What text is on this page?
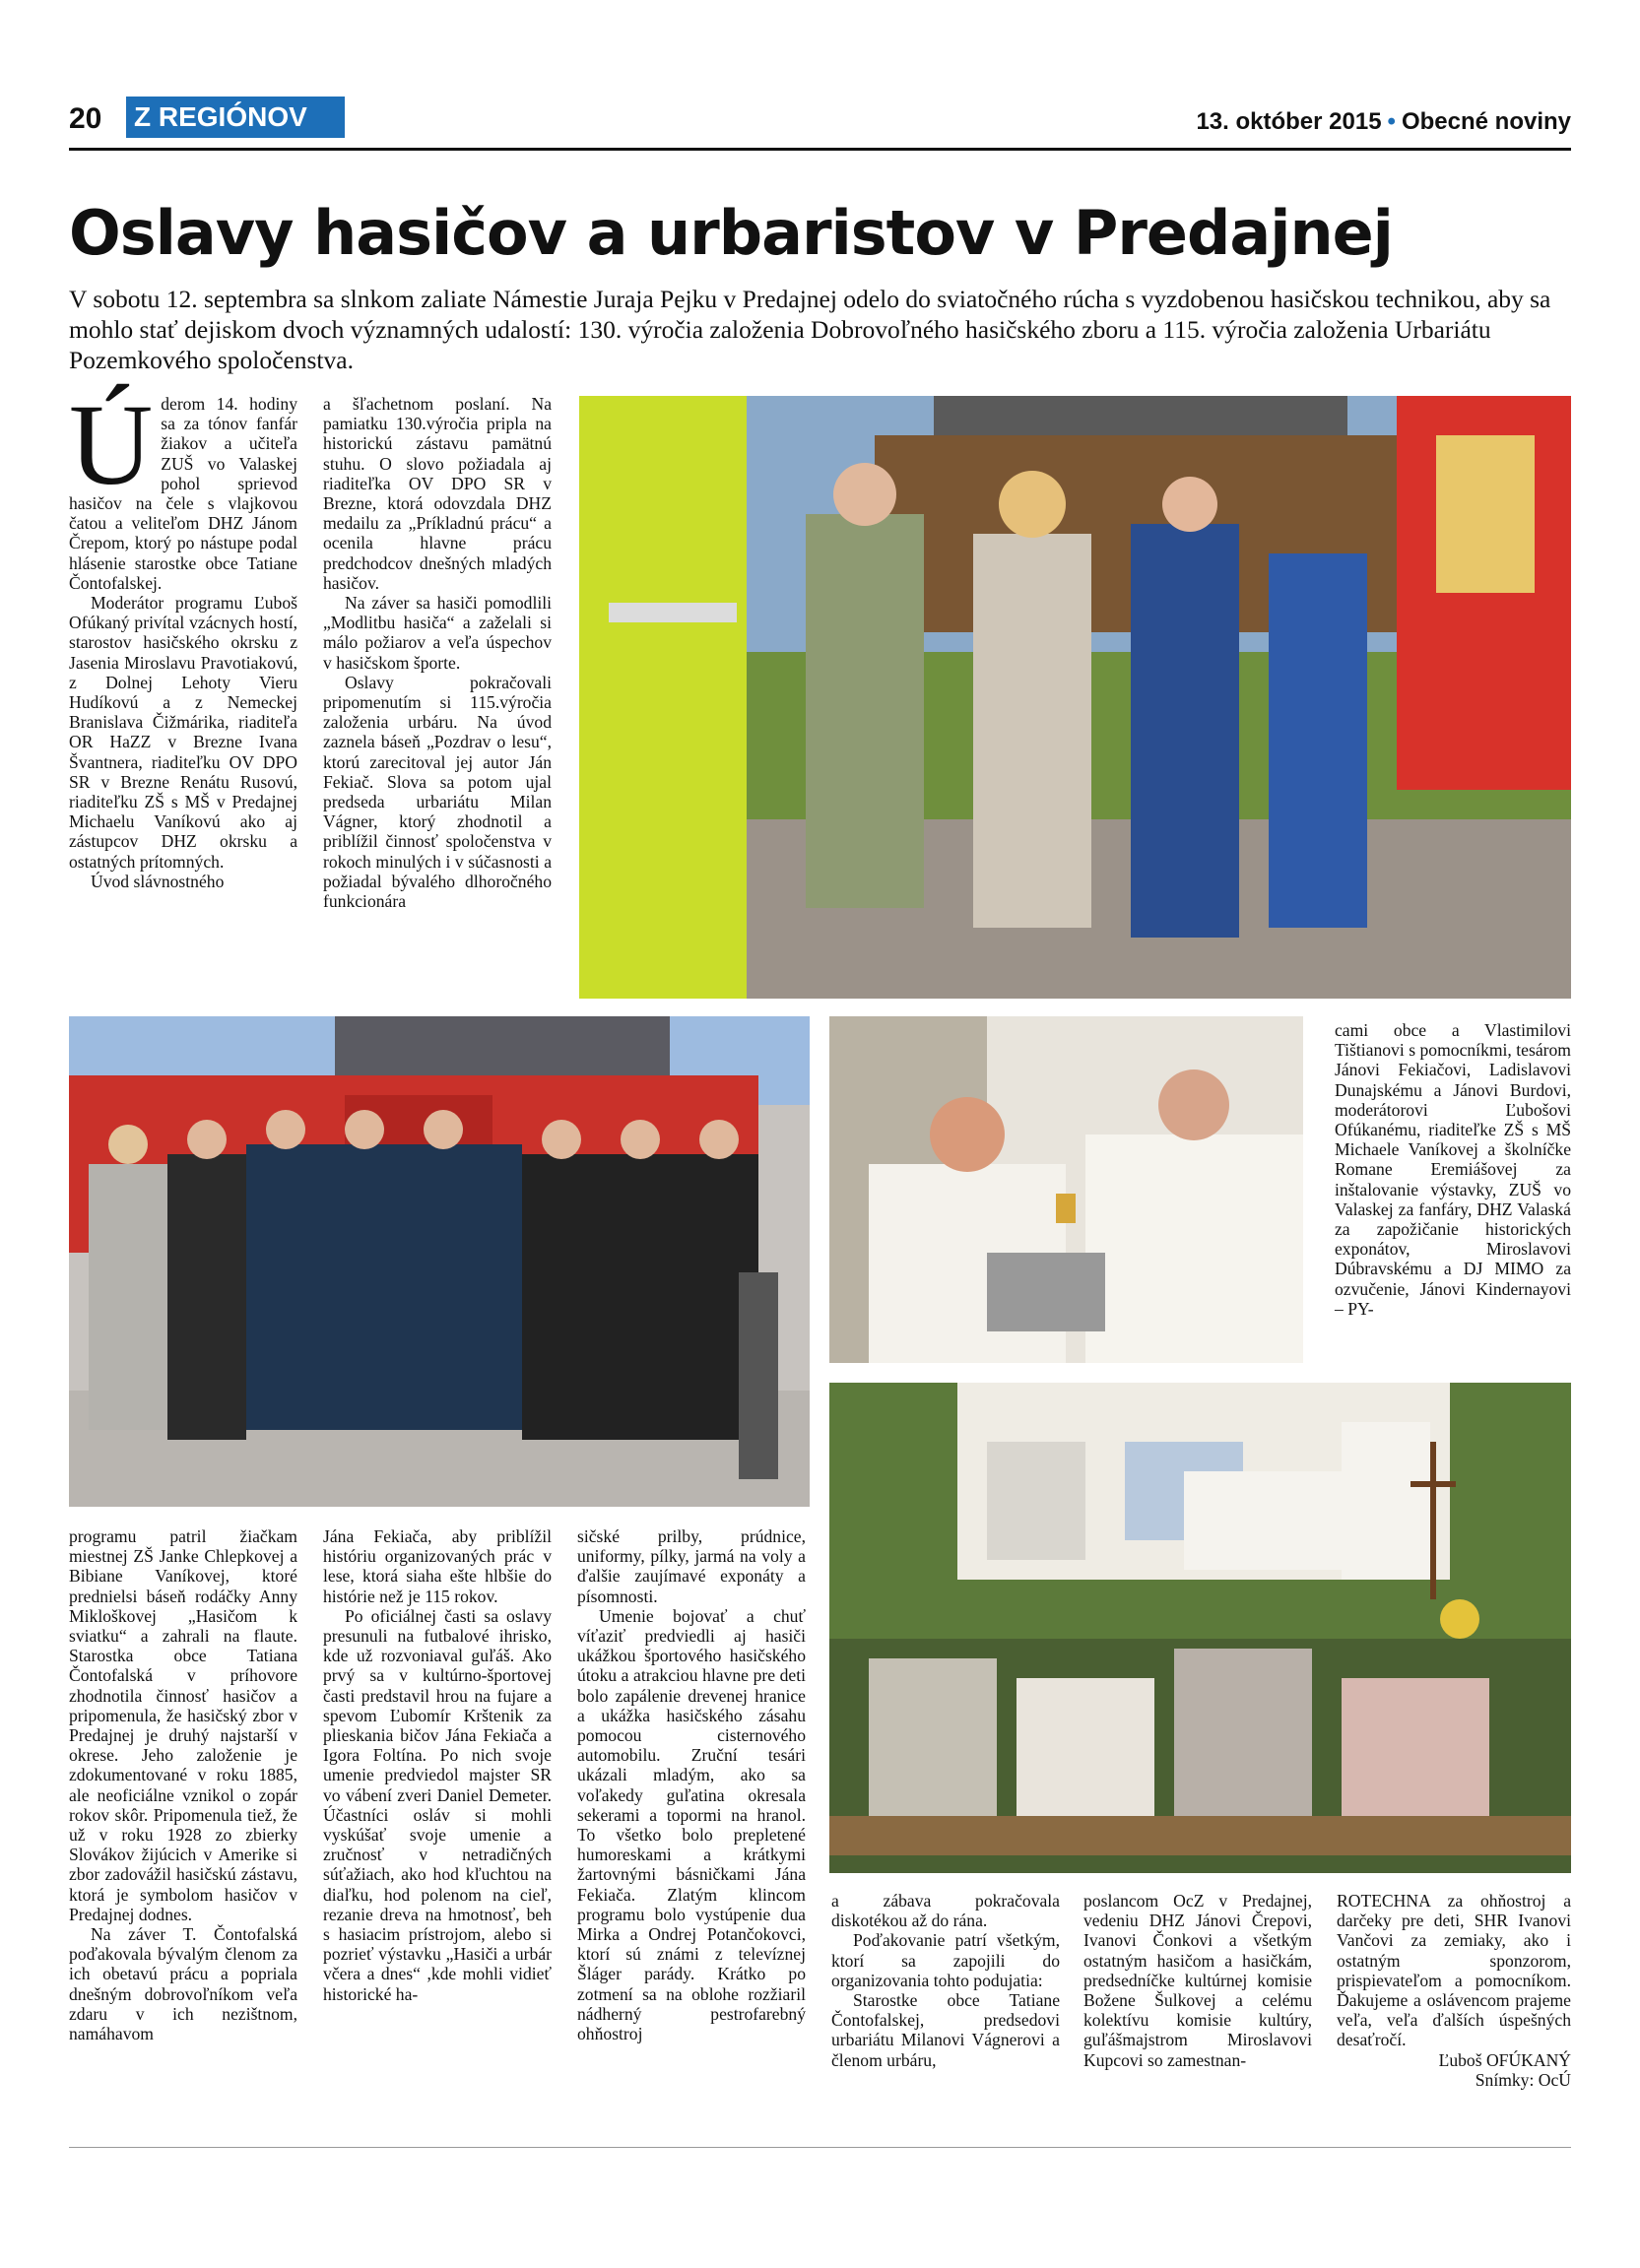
20 Z REGIÓNOV	13. október 2015 • Obecné noviny
Oslavy hasičov a urbaristov v Predajnej
V sobotu 12. septembra sa slnkom zaliate Námestie Juraja Pejku v Predajnej odelo do sviatočného rúcha s vyzdobenou hasičskou technikou, aby sa mohlo stať dejiskom dvoch významných udalostí: 130. výročia založenia Dobrovoľného hasičského zboru a 115. výročia založenia Urbariátu Pozemkového spoločenstva.
Ú derom 14. hodiny sa za tónov fanfár žiakov a učiteľa ZUŠ vo Valaskej pohol sprievod hasičov na čele s vlajkovou čatou a veliteľom DHZ Jánom Črepom, ktorý po nástupe podal hlásenie starostke obce Tatiane Čontofalskej.

Moderátor programu Ľuboš Ofúkaný privítal vzácnych hostí, starostov hasičského okrsku z Jasenia Miroslavu Pravotiakovú, z Dolnej Lehoty Vieru Hudíkovú a z Nemeckej Branislava Čižmárika, riaditeľa OR HaZZ v Brezne Ivana Švantnera, riaditeľku OV DPO SR v Brezne Renátu Rusovú, riaditeľku ZŠ s MŠ v Predajnej Michaelu Vaníkovú ako aj zástupcov DHZ okrsku a ostatných prítomných.

Úvod slávnostného

a šľachetnom poslaní. Na pamiatku 130.výročia pripla na historickú zástavu pamätnú stuhu. O slovo požiadala aj riaditeľka OV DPO SR v Brezne, ktorá odovzdala DHZ medailu za „Príkladnú prácu“ a ocenila hlavne prácu predchodcov dnešných mladých hasičov.

Na záver sa hasiči pomodlili „Modlitbu hasiča“ a zaželali si málo požiarov a veľa úspechov v hasičskom športe.

Oslavy pokračovali pripomenutím si 115.výročia založenia urbáru. Na úvod zaznela báseň „Pozdrav o lesu“, ktorú zarecitoval jej autor Ján Fekiač. Slova sa potom ujal predseda urbariátu Milan Vágner, ktorý zhodnotil a priblížil činnosť spoločenstva v rokoch minulých i v súčasnosti a požiadal bývalého dlhoročného funkcionára

cami obce a Vlastimilovi Tištianovi s pomocníkmi, tesárom Jánovi Fekiačovi, Ladislavovi Dunajskému a Jánovi Burdovi, moderátorovi Ľubošovi Ofúkanému, riaditeľke ZŠ s MŠ Michaele Vaníkovej a školníčke Romane Eremiášovej za inštalovanie výstavky, ZUŠ vo Valaskej za fanfáry, DHZ Valaská za zapožičanie historických exponátov, Miroslavovi Dúbravskému a DJ MIMO za ozvučenie, Jánovi Kindernayovi – PY-

programu patril žiačkam miestnej ZŠ Janke Chlepkovej a Bibiane Vaníkovej, ktoré prednielsi báseň rodáčky Anny Mikloškovej „Hasičom k sviatku“ a zahrali na flaute. Starostka obce Tatiana Čontofalská v príhovore zhodnotila činnosť hasičov a pripomenula, že hasičský zbor v Predajnej je druhý najstarší v okrese. Jeho založenie je zdokumentované v roku 1885, ale neoficiálne vznikol o zopár rokov skôr. Pripomenula tiež, že už v roku 1928 zo zbierky Slovákov žijúcich v Amerike si zbor zadovážil hasičskú zástavu, ktorá je symbolom hasičov v Predajnej dodnes.

Na záver T. Čontofalská poďakovala bývalým členom za ich obetavú prácu a popriala dnešným dobrovoľníkom veľa zdaru v ich nezištnom, namáhavom

Jána Fekiača, aby priblížil históriu organizovaných prác v lese, ktorá siaha ešte hlbšie do histórie než je 115 rokov.

Po oficiálnej časti sa oslavy presunuli na futbalové ihrisko, kde už rozvoniaval guľáš. Ako prvý sa v kultúrno-športovej časti predstavil hrou na fujare a spevom Ľubomír Krštenik za plieskania bičov Jána Fekiača a Igora Foltína. Po nich svoje umenie predviedol majster SR vo vábení zveri Daniel Demeter. Účastníci osláv si mohli vyskúšať svoje umenie a zručnosť v netradičných súťažiach, ako hod kľuchtou na diaľku, hod polenom na cieľ, rezanie dreva na hmotnosť, beh s hasiacim prístrojom, alebo si pozrieť výstavku „Hasiči a urbár včera a dnes“ ,kde mohli vidieť historické ha-

sičské prilby, prúdnice, uniformy, pílky, jarmá na voly a ďalšie zaujímavé exponáty a písomnosti.

Umenie bojovať a chuť víťaziť predviedli aj hasiči ukážkou športového hasičského útoku a atrakciou hlavne pre deti bolo zapálenie drevenej hranice a ukážka hasičského zásahu pomocou cisternového automobilu. Zruční tesári ukázali mladým, ako sa voľakedy guľatina okresala sekerami a topormi na hranol. To všetko bolo prepletené humoreskami a krátkymi žartovnými básničkami Jána Fekiača. Zlatým klincom programu bolo vystúpenie dua Mirka a Ondrej Potančokovci, ktorí sú známi z televíznej Šláger parády. Krátko po zotmení sa na oblohe rozžiaril nádherný pestrofarebný ohňostroj

a zábava pokračovala diskotékou až do rána.

Poďakovanie patrí všetkým, ktorí sa zapojili do organizovania tohto podujatia:

Starostke obce Tatiane Čontofalskej, predsedovi urbariátu Milanovi Vágnerovi a členom urbáru,

poslancom OcZ v Predajnej, vedeniu DHZ Jánovi Črepovi, Ivanovi Čonkovi a všetkým ostatným hasičom a hasičkám, predsedníčke kultúrnej komisie Božene Šulkovej a celému kolektívu komisie kultúry, guľášmajstrom Miroslavovi Kupcovi so zamestnan-

ROTECHNA za ohňostroj a darčeky pre deti, SHR Ivanovi Vančovi za zemiaky, ako i ostatným sponzorom, prispievateľom a pomocníkom. Ďakujeme a oslávencom prajeme veľa, veľa ďalších úspešných desaťročí.

Ľuboš OFÚKANÝ

Snímky: OcÚ
